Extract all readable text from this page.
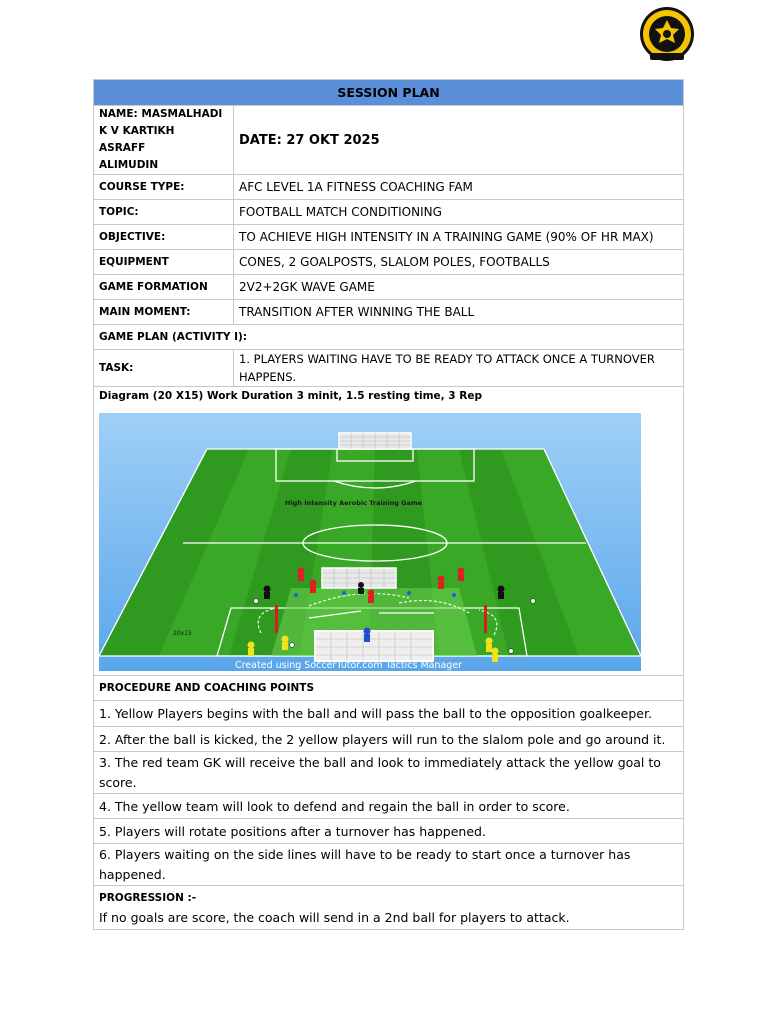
SESSION PLAN	

NAME: MASMALHADI
K V KARTIKH
ASRAFF
ALIMUDIN	DATE: 27 OKT 2025
COURSE TYPE:	AFC LEVEL 1A FITNESS COACHING FAM
TOPIC:	FOOTBALL MATCH CONDITIONING
OBJECTIVE:	TO ACHIEVE HIGH INTENSITY IN A TRAINING GAME (90% OF HR MAX)
EQUIPMENT	CONES, 2 GOALPOSTS, SLALOM POLES, FOOTBALLS
GAME FORMATION	2V2+2GK WAVE GAME
MAIN MOMENT:	TRANSITION AFTER WINNING THE BALL
GAME PLAN (ACTIVITY I):	
TASK:	1. PLAYERS WAITING HAVE TO BE READY TO ATTACK ONCE A TURNOVER HAPPENS.

Diagram (20 X15) Work Duration 3 minit, 1.5 resting time, 3 Rep
High Intensity Aerobic Training Game
20x15
Created using SoccerTutor.com Tactics Manager	

PROCEDURE AND COACHING POINTS	
1. Yellow Players begins with the ball and will pass the ball to the opposition goalkeeper.	
2. After the ball is kicked, the 2 yellow players will run to the slalom pole and go around it.	
3. The red team GK will receive the ball and look to immediately attack the yellow goal to score.	
4. The yellow team will look to defend and regain the ball in order to score.	
5. Players will rotate positions after a turnover has happened.	
6. Players waiting on the side lines will have to be ready to start once a turnover has happened.	

PROGRESSION :-
If no goals are score, the coach will send in a 2nd ball for players to attack.	
